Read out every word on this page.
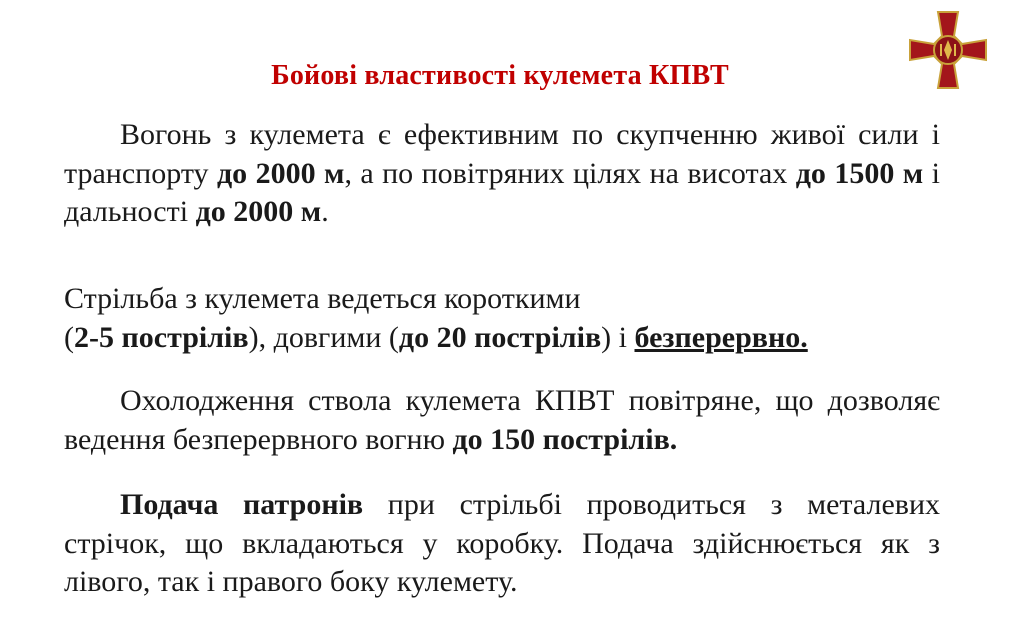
Бойові властивості кулемета КПВТ
Вогонь з кулемета є ефективним по скупченню живої сили і транспорту до 2000 м, а по повітряних цілях на висотах до 1500 м і дальності до 2000 м.
Стрільба з кулемета ведеться короткими
(2-5 пострілів), довгими (до 20 пострілів) і безперервно.
Охолодження ствола кулемета КПВТ повітряне, що дозволяє ведення безперервного вогню до 150 пострілів.
Подача патронів при стрільбі проводиться з металевих стрічок, що вкладаються у коробку. Подача здійснюється як з лівого, так і правого боку кулемету.
